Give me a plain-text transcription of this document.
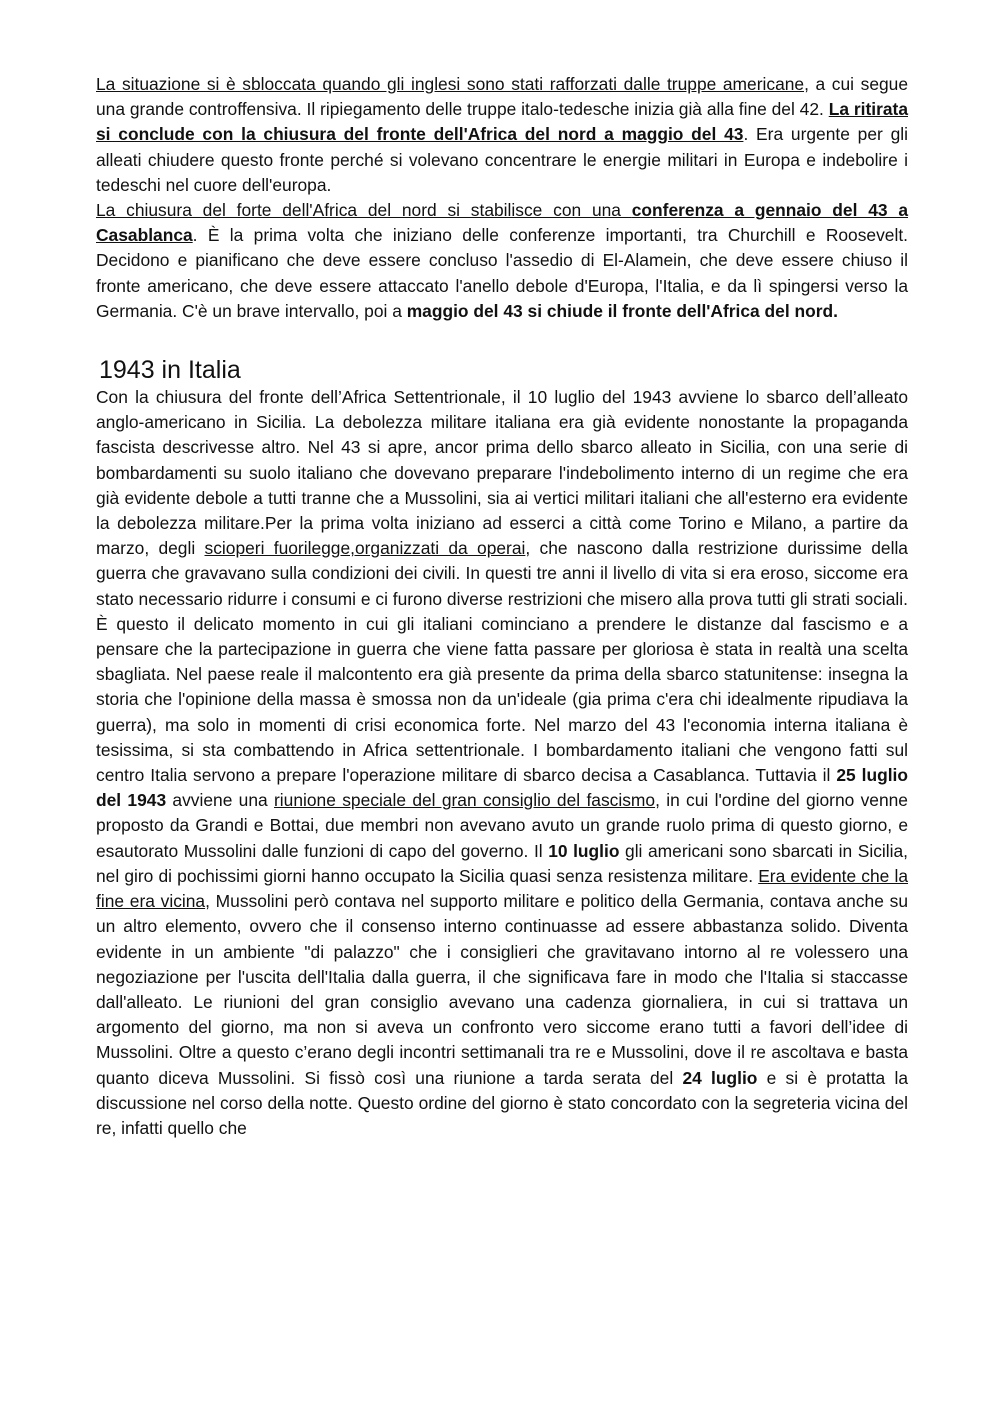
La situazione si è sbloccata quando gli inglesi sono stati rafforzati dalle truppe americane, a cui segue una grande controffensiva. Il ripiegamento delle truppe italo-tedesche inizia già alla fine del 42. La ritirata si conclude con la chiusura del fronte dell'Africa del nord a maggio del 43. Era urgente per gli alleati chiudere questo fronte perché si volevano concentrare le energie militari in Europa e indebolire i tedeschi nel cuore dell'europa.

La chiusura del forte dell'Africa del nord si stabilisce con una conferenza a gennaio del 43 a Casablanca. È la prima volta che iniziano delle conferenze importanti, tra Churchill e Roosevelt. Decidono e pianificano che deve essere concluso l'assedio di El-Alamein, che deve essere chiuso il fronte americano, che deve essere attaccato l'anello debole d'Europa, l'Italia, e da lì spingersi verso la Germania. C'è un brave intervallo, poi a maggio del 43 si chiude il fronte dell'Africa del nord.

1943 in Italia

Con la chiusura del fronte dell’Africa Settentrionale, il 10 luglio del 1943 avviene lo sbarco dell’alleato anglo-americano in Sicilia. La debolezza militare italiana era già evidente nonostante la propaganda fascista descrivesse altro. Nel 43 si apre, ancor prima dello sbarco alleato in Sicilia, con una serie di bombardamenti su suolo italiano che dovevano preparare l'indebolimento interno di un regime che era già evidente debole a tutti tranne che a Mussolini, sia ai vertici militari italiani che all'esterno era evidente la debolezza militare.Per la prima volta iniziano ad esserci a città come Torino e Milano, a partire da marzo, degli scioperi fuorilegge,organizzati da operai, che nascono dalla restrizione durissime della guerra che gravavano sulla condizioni dei civili. In questi tre anni il livello di vita si era eroso, siccome era stato necessario ridurre i consumi e ci furono diverse restrizioni che misero alla prova tutti gli strati sociali. È questo il delicato momento in cui gli italiani cominciano a prendere le distanze dal fascismo e a pensare che la partecipazione in guerra che viene fatta passare per gloriosa è stata in realtà una scelta sbagliata. Nel paese reale il malcontento era già presente da prima della sbarco statunitense: insegna la storia che l'opinione della massa è smossa non da un'ideale (gia prima c'era chi idealmente ripudiava la guerra), ma solo in momenti di crisi economica forte. Nel marzo del 43 l'economia interna italiana è tesissima, si sta combattendo in Africa settentrionale. I bombardamento italiani che vengono fatti sul centro Italia servono a prepare l'operazione militare di sbarco decisa a Casablanca. Tuttavia il 25 luglio del 1943 avviene una riunione speciale del gran consiglio del fascismo, in cui l'ordine del giorno venne proposto da Grandi e Bottai, due membri non avevano avuto un grande ruolo prima di questo giorno, e esautorato Mussolini dalle funzioni di capo del governo. Il 10 luglio gli americani sono sbarcati in Sicilia, nel giro di pochissimi giorni hanno occupato la Sicilia quasi senza resistenza militare. Era evidente che la fine era vicina, Mussolini però contava nel supporto militare e politico della Germania, contava anche su un altro elemento, ovvero che il consenso interno continuasse ad essere abbastanza solido. Diventa evidente in un ambiente "di palazzo" che i consiglieri che gravitavano intorno al re volessero una negoziazione per l'uscita dell'Italia dalla guerra, il che significava fare in modo che l'Italia si staccasse dall'alleato. Le riunioni del gran consiglio avevano una cadenza giornaliera, in cui si trattava un argomento del giorno, ma non si aveva un confronto vero siccome erano tutti a favori dell’idee di Mussolini. Oltre a questo c’erano degli incontri settimanali tra re e Mussolini, dove il re ascoltava e basta quanto diceva Mussolini. Si fissò così una riunione a tarda serata del 24 luglio e si è protatta la discussione nel corso della notte. Questo ordine del giorno è stato concordato con la segreteria vicina del re, infatti quello che
